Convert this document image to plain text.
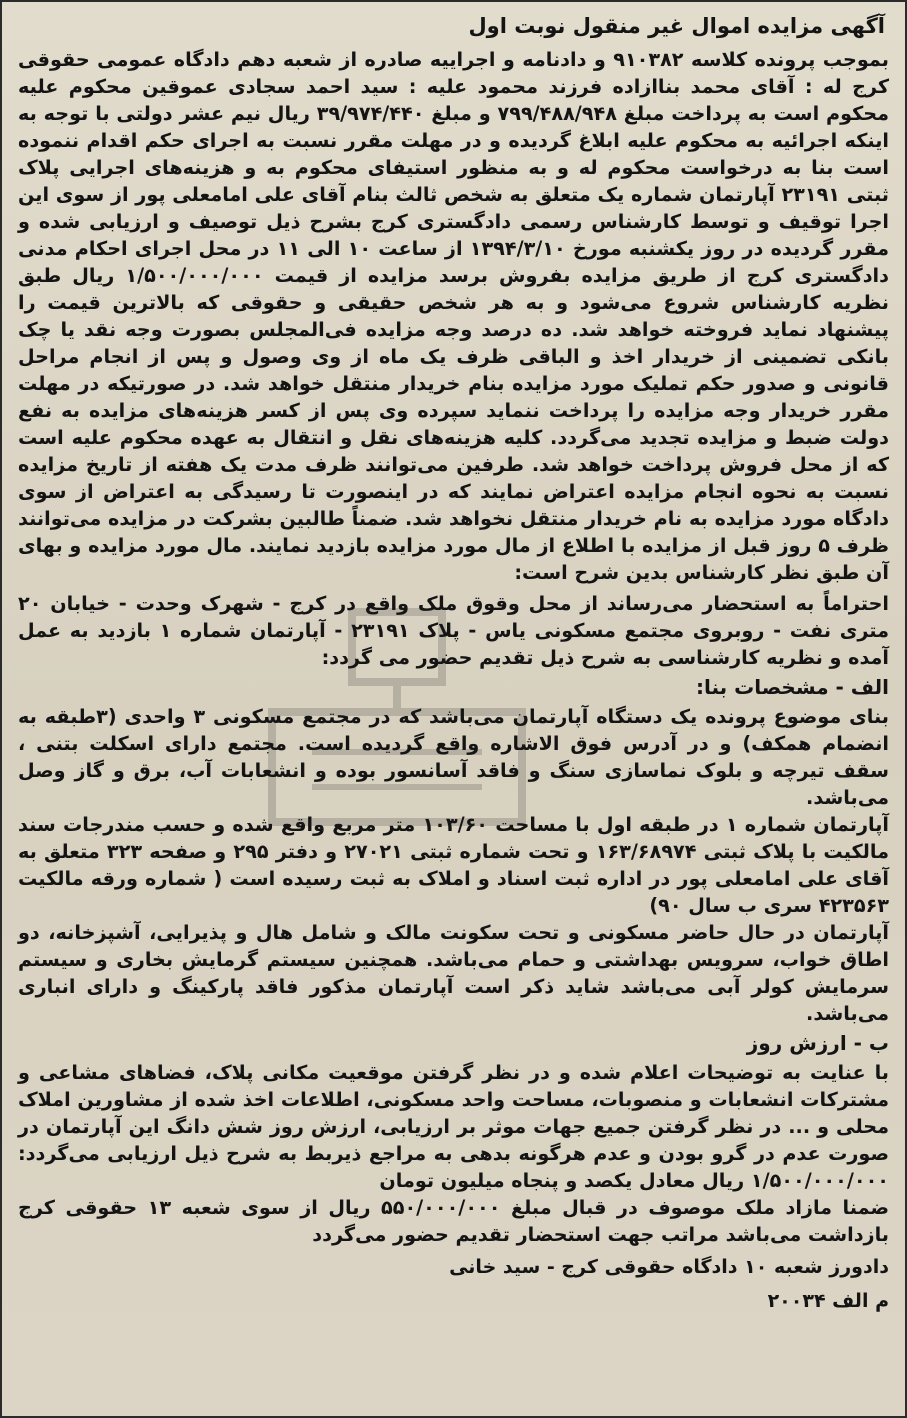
آگهی مزایده اموال غیر منقول نوبت اول

بموجب پرونده کلاسه ۹۱۰۳۸۲ و دادنامه و اجراییه صادره از شعبه دهم دادگاه عمومی حقوقی کرج له : آقای محمد بناازاده فرزند محمود علیه : سید احمد سجادی عموقین محکوم علیه محکوم است به پرداخت مبلغ ۷۹۹/۴۸۸/۹۴۸ و مبلغ ۳۹/۹۷۴/۴۴۰ ریال نیم عشر دولتی با توجه به اینکه اجرائیه به محکوم علیه ابلاغ گردیده و در مهلت مقرر نسبت به اجرای حکم اقدام ننموده است بنا به درخواست محکوم له و به منظور استیفای محکوم به و هزینه‌های اجرایی پلاک ثبتی ۲۳۱۹۱ آپارتمان شماره یک متعلق به شخص ثالث بنام آقای علی امامعلی پور از سوی این اجرا توقیف و توسط کارشناس رسمی دادگستری کرج بشرح ذیل توصیف و ارزیابی شده و مقرر گردیده در روز یکشنبه مورخ ۱۳۹۴/۳/۱۰ از ساعت ۱۰ الی ۱۱ در محل اجرای احکام مدنی دادگستری کرج از طریق مزایده بفروش برسد مزایده از قیمت ۱/۵۰۰/۰۰۰/۰۰۰ ریال طبق نظریه کارشناس شروع می‌شود و به هر شخص حقیقی و حقوقی که بالاترین قیمت را پیشنهاد نماید فروخته خواهد شد. ده درصد وجه مزایده فی‌المجلس بصورت وجه نقد یا چک بانکی تضمینی از خریدار اخذ و الباقی ظرف یک ماه از وی وصول و پس از انجام مراحل قانونی و صدور حکم تملیک مورد مزایده بنام خریدار منتقل خواهد شد. در صورتیکه در مهلت مقرر خریدار وجه مزایده را پرداخت ننماید سپرده وی پس از کسر هزینه‌های مزایده به نفع دولت ضبط و مزایده تجدید می‌گردد. کلیه هزینه‌های نقل و انتقال به عهده محکوم علیه است که از محل فروش پرداخت خواهد شد. طرفین می‌توانند ظرف مدت یک هفته از تاریخ مزایده نسبت به نحوه انجام مزایده اعتراض نمایند که در اینصورت تا رسیدگی به اعتراض از سوی دادگاه مورد مزایده به نام خریدار منتقل نخواهد شد. ضمناً طالبین بشرکت در مزایده می‌توانند ظرف ۵ روز قبل از مزایده با اطلاع از مال مورد مزایده بازدید نمایند. مال مورد مزایده و بهای آن طبق نظر کارشناس بدین شرح است:

احتراماً به استحضار می‌رساند از محل وقوق ملک واقع در کرج - شهرک وحدت - خیابان ۲۰ متری نفت - روبروی مجتمع مسکونی یاس - پلاک ۲۳۱۹۱ - آپارتمان شماره ۱ بازدید به عمل آمده و نظریه کارشناسی به شرح ذیل تقدیم حضور می گردد:

الف - مشخصات بنا:

بنای موضوع پرونده یک دستگاه آپارتمان می‌باشد که در مجتمع مسکونی ۳ واحدی (۳طبقه به انضمام همکف) و در آدرس فوق الاشاره واقع گردیده است. مجتمع دارای اسکلت بتنی ، سقف تیرچه و بلوک نماسازی سنگ و فاقد آسانسور بوده و انشعابات آب، برق و گاز وصل می‌باشد.

آپارتمان شماره ۱ در طبقه اول با مساحت ۱۰۳/۶۰ متر مربع واقع شده و حسب مندرجات سند مالکیت با پلاک ثبتی ۱۶۳/۶۸۹۷۴ و تحت شماره ثبتی ۲۷۰۲۱ و دفتر ۲۹۵ و صفحه ۳۲۳ متعلق به آقای علی امامعلی پور در اداره ثبت اسناد و املاک به ثبت رسیده است ( شماره ورقه مالکیت ۴۲۳۵۶۳ سری ب سال ۹۰)

آپارتمان در حال حاضر مسکونی و تحت سکونت مالک و شامل هال و پذیرایی، آشپزخانه، دو اطاق خواب، سرویس بهداشتی و حمام می‌باشد. همچنین سیستم گرمایش بخاری و سیستم سرمایش کولر آبی می‌باشد شاید ذکر است آپارتمان مذکور فاقد پارکینگ و دارای انباری می‌باشد.

ب - ارزش روز

با عنایت به توضیحات اعلام شده و در نظر گرفتن موقعیت مکانی پلاک، فضاهای مشاعی و مشترکات انشعابات و منصوبات، مساحت واحد مسکونی، اطلاعات اخذ شده از مشاورین املاک محلی و ... در نظر گرفتن جمیع جهات موثر بر ارزیابی، ارزش روز شش دانگ این آپارتمان در صورت عدم در گرو بودن و عدم هرگونه بدهی به مراجع ذیربط به شرح ذیل ارزیابی می‌گردد: ۱/۵۰۰/۰۰۰/۰۰۰ ریال معادل یکصد و پنجاه میلیون تومان

ضمنا مازاد ملک موصوف در قبال مبلغ ۵۵۰/۰۰۰/۰۰۰ ریال از سوی شعبه ۱۳ حقوقی کرج بازداشت می‌باشد مراتب جهت استحضار تقدیم حضور می‌گردد

دادورز شعبه ۱۰ دادگاه حقوقی کرج - سید خانی
م الف ۲۰۰۳۴
